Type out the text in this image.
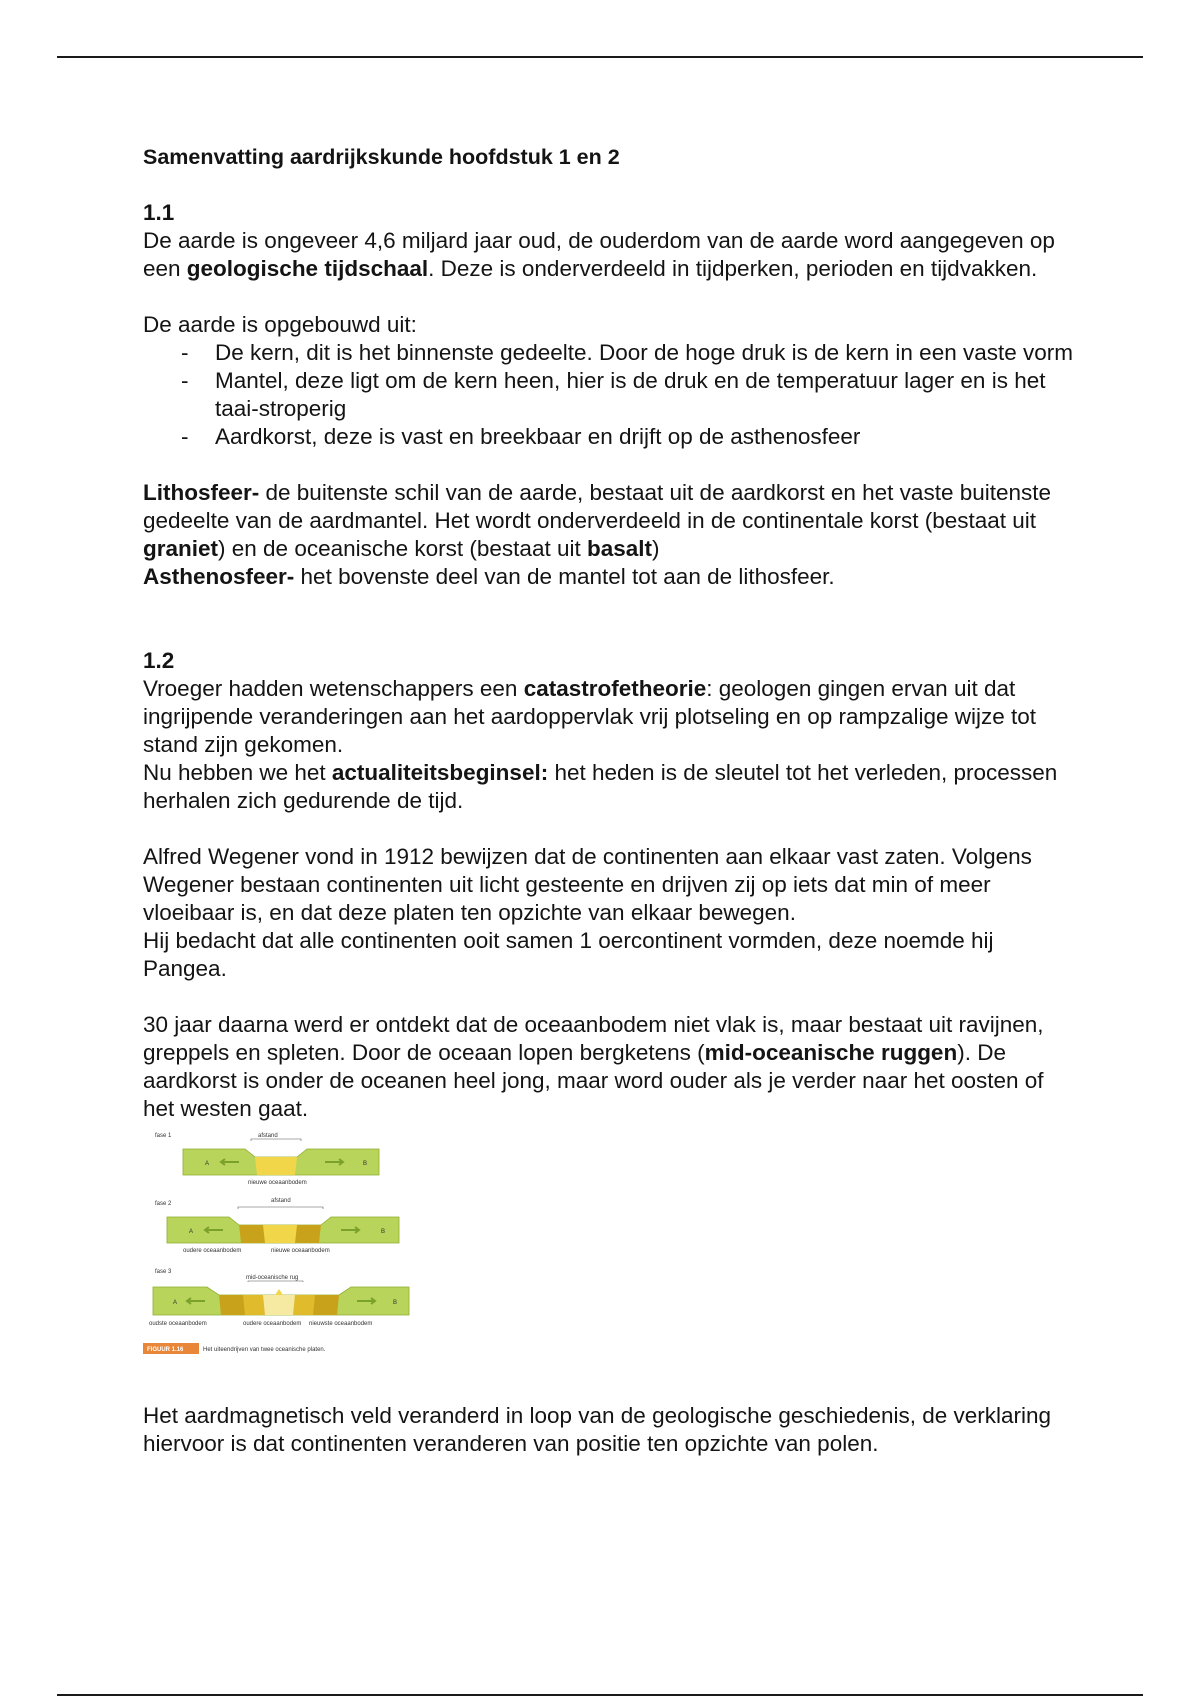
Samenvatting aardrijkskunde hoofdstuk 1 en 2

1.1

De aarde is ongeveer 4,6 miljard jaar oud, de ouderdom van de aarde word aangegeven op een geologische tijdschaal. Deze is onderverdeeld in tijdperken, perioden en tijdvakken.

De aarde is opgebouwd uit:

- De kern, dit is het binnenste gedeelte. Door de hoge druk is de kern in een vaste vorm
- Mantel, deze ligt om de kern heen, hier is de druk en de temperatuur lager en is het taai-stroperig
- Aardkorst, deze is vast en breekbaar en drijft op de asthenosfeer

Lithosfeer- de buitenste schil van de aarde, bestaat uit de aardkorst en het vaste buitenste gedeelte van de aardmantel. Het wordt onderverdeeld in de continentale korst (bestaat uit graniet) en de oceanische korst (bestaat uit basalt)

Asthenosfeer- het bovenste deel van de mantel tot aan de lithosfeer.

1.2

Vroeger hadden wetenschappers een catastrofetheorie: geologen gingen ervan uit dat ingrijpende veranderingen aan het aardoppervlak vrij plotseling en op rampzalige wijze tot stand zijn gekomen.

Nu hebben we het actualiteitsbeginsel: het heden is de sleutel tot het verleden, processen herhalen zich gedurende de tijd.

Alfred Wegener vond in 1912 bewijzen dat de continenten aan elkaar vast zaten. Volgens Wegener bestaan continenten uit licht gesteente en drijven zij op iets dat min of meer vloeibaar is, en dat deze platen ten opzichte van elkaar bewegen.

Hij bedacht dat alle continenten ooit samen 1 oercontinent vormden, deze noemde hij Pangea.

30 jaar daarna werd er ontdekt dat de oceaanbodem niet vlak is, maar bestaat uit ravijnen, greppels en spleten. Door de oceaan lopen bergketens (mid-oceanische ruggen). De aardkorst is onder de oceanen heel jong, maar word ouder als je verder naar het oosten of het westen gaat.

fase 1	afstand
A	B
nieuwe oceaanbodem
fase 2	afstand
A	B
oudere oceaanbodem	nieuwe oceaanbodem
fase 3
mid-oceanische rug
A	B
oudste oceaanbodem	oudere oceaanbodem nieuwste oceaanbodem
FIGUUR 1.16	Het uiteendrijven van twee oceanische platen.

Het aardmagnetisch veld veranderd in loop van de geologische geschiedenis, de verklaring hiervoor is dat continenten veranderen van positie ten opzichte van polen.
